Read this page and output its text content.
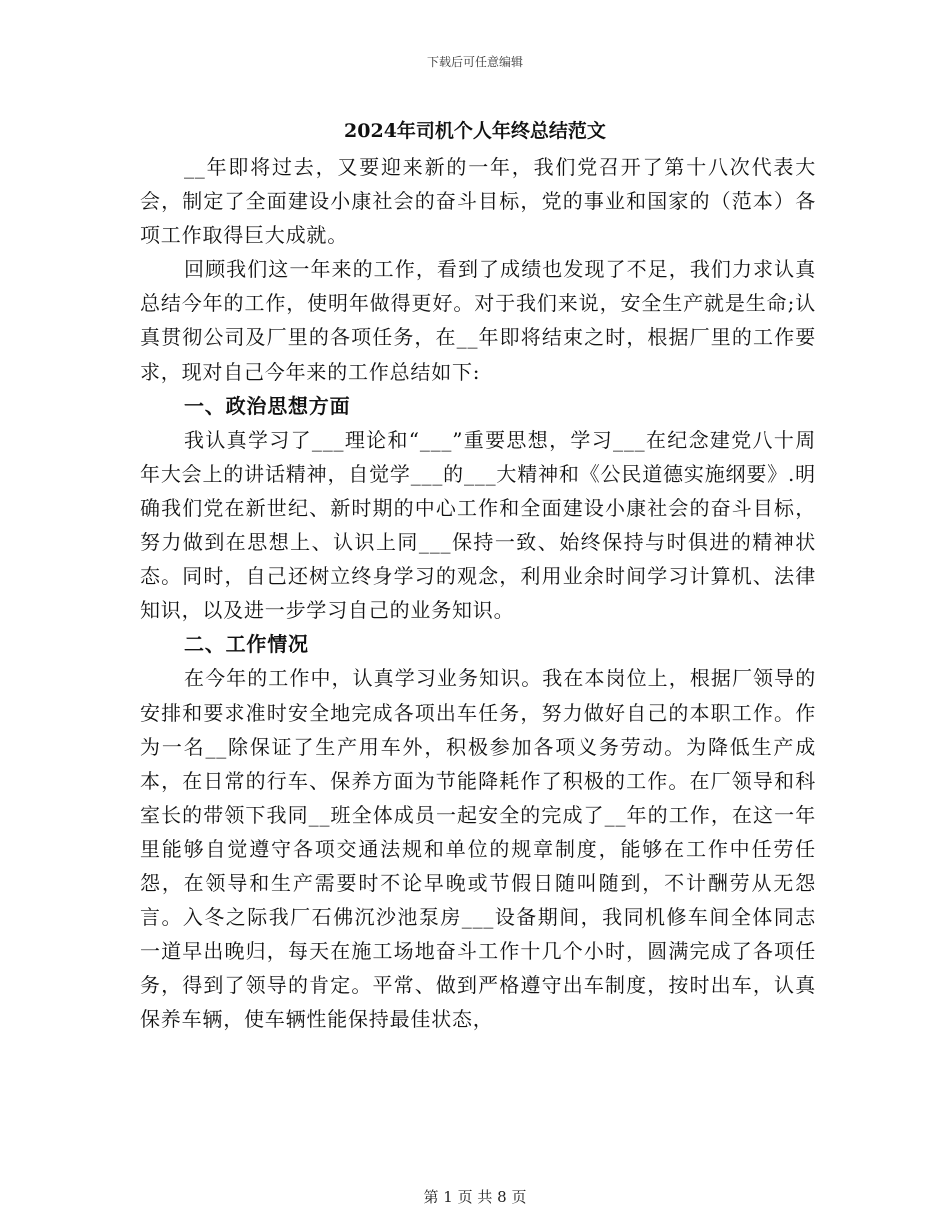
下载后可任意编辑
2024年司机个人年终总结范文

__年即将过去，又要迎来新的一年，我们党召开了第十八次代表大会，制定了全面建设小康社会的奋斗目标，党的事业和国家的（范本）各项工作取得巨大成就。

回顾我们这一年来的工作，看到了成绩也发现了不足，我们力求认真总结今年的工作，使明年做得更好。对于我们来说，安全生产就是生命;认真贯彻公司及厂里的各项任务，在__年即将结束之时，根据厂里的工作要求，现对自己今年来的工作总结如下:

一、政治思想方面

我认真学习了___理论和“___”重要思想，学习___在纪念建党八十周年大会上的讲话精神，自觉学___的___大精神和《公民道德实施纲要》.明确我们党在新世纪、新时期的中心工作和全面建设小康社会的奋斗目标，努力做到在思想上、认识上同___保持一致、始终保持与时俱进的精神状态。同时，自己还树立终身学习的观念，利用业余时间学习计算机、法律知识，以及进一步学习自己的业务知识。

二、工作情况

在今年的工作中，认真学习业务知识。我在本岗位上，根据厂领导的安排和要求准时安全地完成各项出车任务，努力做好自己的本职工作。作为一名__除保证了生产用车外，积极参加各项义务劳动。为降低生产成本，在日常的行车、保养方面为节能降耗作了积极的工作。在厂领导和科室长的带领下我同__班全体成员一起安全的完成了__年的工作，在这一年里能够自觉遵守各项交通法规和单位的规章制度，能够在工作中任劳任怨，在领导和生产需要时不论早晚或节假日随叫随到，不计酬劳从无怨言。入冬之际我厂石佛沉沙池泵房___设备期间，我同机修车间全体同志一道早出晚归，每天在施工场地奋斗工作十几个小时，圆满完成了各项任务，得到了领导的肯定。平常、做到严格遵守出车制度，按时出车，认真保养车辆，使车辆性能保持最佳状态，

第 1 页 共 8 页
